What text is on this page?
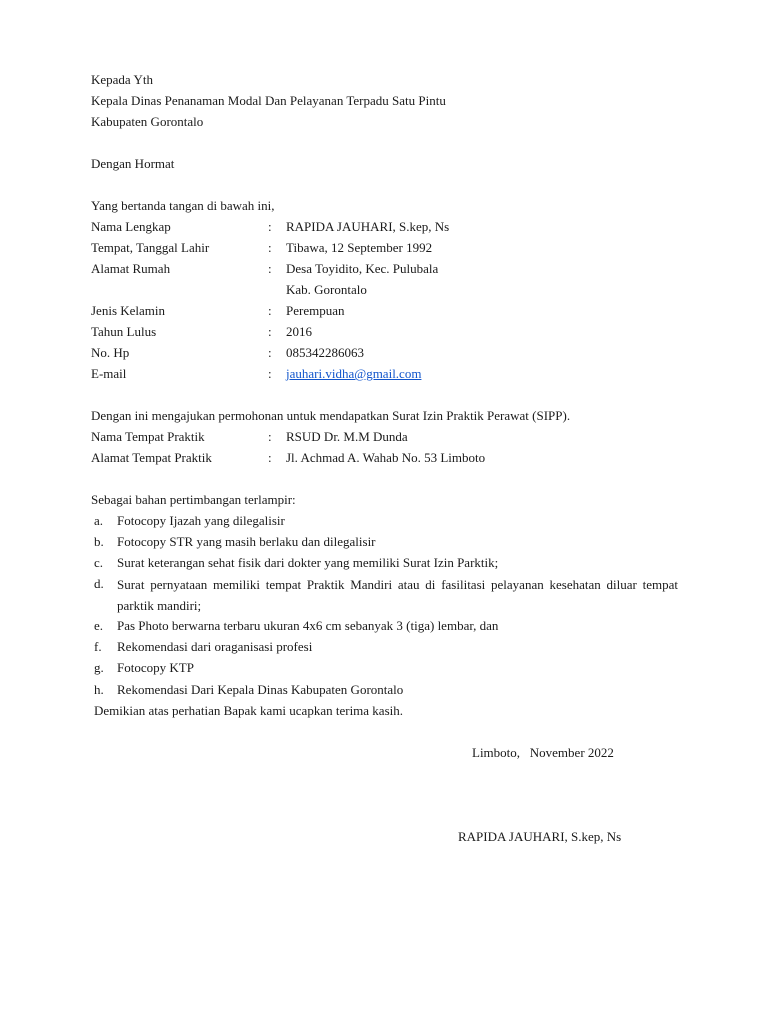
Kepada Yth
Kepala Dinas Penanaman Modal Dan Pelayanan Terpadu Satu Pintu
Kabupaten Gorontalo
Dengan Hormat
Yang bertanda tangan di bawah ini,
Nama Lengkap	: RAPIDA JAUHARI, S.kep, Ns
Tempat, Tanggal Lahir	: Tibawa, 12 September 1992
Alamat Rumah	: Desa Toyidito, Kec. Pulubala
Kab. Gorontalo
Jenis Kelamin	: Perempuan
Tahun Lulus	: 2016
No. Hp	: 085342286063
E-mail	: jauhari.vidha@gmail.com
Dengan ini mengajukan permohonan untuk mendapatkan Surat Izin Praktik Perawat (SIPP).
Nama Tempat Praktik	: RSUD Dr. M.M Dunda
Alamat Tempat Praktik	: Jl. Achmad A. Wahab No. 53 Limboto
Sebagai bahan pertimbangan terlampir:
a. Fotocopy Ijazah yang dilegalisir
b. Fotocopy STR yang masih berlaku dan dilegalisir
c. Surat keterangan sehat fisik dari dokter yang memiliki Surat Izin Parktik;
d. Surat pernyataan memiliki tempat Praktik Mandiri atau di fasilitasi pelayanan kesehatan diluar tempat parktik mandiri;
e. Pas Photo berwarna terbaru ukuran 4x6 cm sebanyak 3 (tiga) lembar, dan
f. Rekomendasi dari oraganisasi profesi
g. Fotocopy KTP
h. Rekomendasi Dari Kepala Dinas Kabupaten Gorontalo
Demikian atas perhatian Bapak kami ucapkan terima kasih.
Limboto,   November 2022
RAPIDA JAUHARI, S.kep, Ns
